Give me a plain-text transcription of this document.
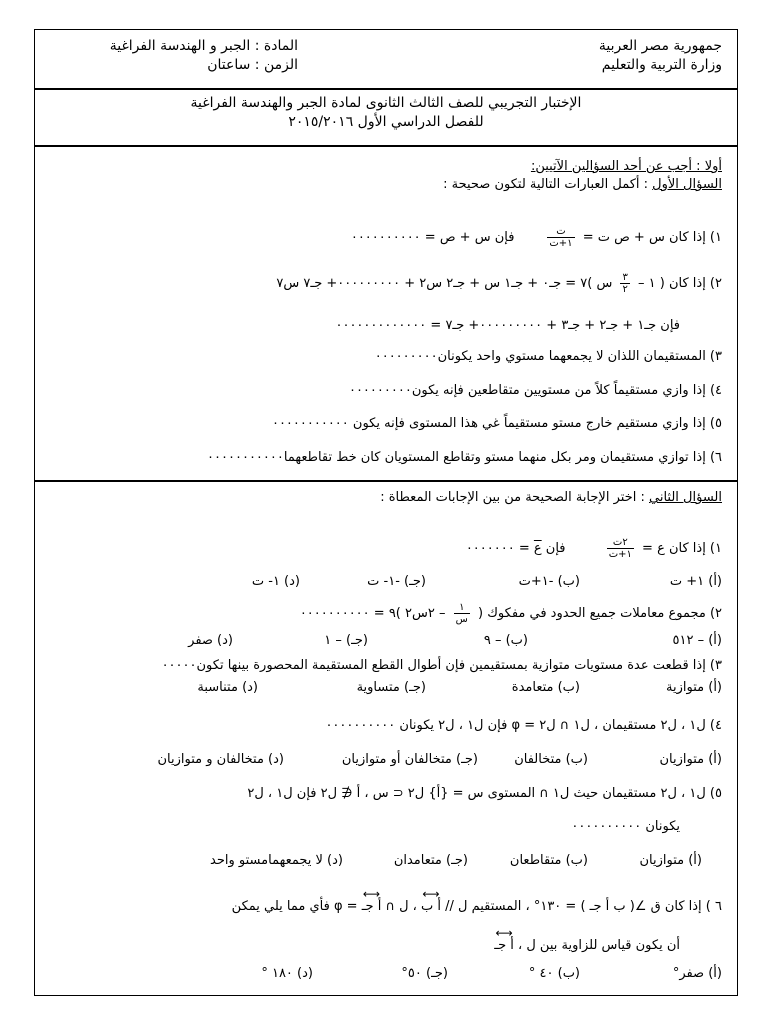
جمهورية مصر العربية
وزارة التربية والتعليم
المادة : الجبر و الهندسة الفراغية
الزمن : ساعتان
الإختبار التجريبي للصف الثالث الثانوى لمادة الجبر والهندسة الفراغية
للفصل الدراسي الأول ٢٠١٥/٢٠١٦
أولا : أجب عن أحد السؤالين الآتيين:
السؤال الأول : أكمل العبارات التالية لتكون صحيحة :
١) إذا كان س + ص ت =
$\frac{\text{ت}}{\text{١+ت}}$
فإن س + ص = ٠٠٠٠٠٠٠٠٠٠
٢) إذا كان ( ١ –
$\frac{٣}{٢}$
س )٧ = جـ٠ + جـ١ س + جـ٢ س٢ + ٠٠٠٠٠٠٠٠٠+ جـ٧ س٧
فإن جـ١ + جـ٢ + جـ٣ + ٠٠٠٠٠٠٠٠٠+ جـ٧ = ٠٠٠٠٠٠٠٠٠٠٠٠٠
٣) المستقيمان اللذان لا يجمعهما مستوي واحد يكونان٠٠٠٠٠٠٠٠٠
٤) إذا وازي مستقيماً كلاً من مستويين متقاطعين فإنه يكون٠٠٠٠٠٠٠٠٠
٥) إذا وازي مستقيم خارج مستو مستقيماً غي هذا المستوى فإنه يكون ٠٠٠٠٠٠٠٠٠٠٠
٦) إذا توازي مستقيمان ومر بكل منهما مستو وتقاطع المستويان كان خط تقاطعهما٠٠٠٠٠٠٠٠٠٠٠
السؤال الثاني : اختر الإجابة الصحيحة من بين الإجابات المعطاة :
١) إذا كان ع =
$\frac{\text{٢ت}}{\text{١+ت}}$
فإن ع = ٠٠٠٠٠٠٠
(أ) ١+ ت
(ب) -١+ت
(جـ) -١- ت
(د) ١- ت
٢) مجموع معاملات جميع الحدود في مفكوك (
$\frac{١}{\text{س}}$
– ٢س٢ )٩ = ٠٠٠٠٠٠٠٠٠٠
(أ) – ٥١٢
(ب) – ٩
(جـ) – ١
(د) صفر
٣) إذا قطعت عدة مستويات متوازية بمستقيمين فإن أطوال القطع المستقيمة المحصورة بينها تكون٠٠٠٠٠
(أ) متوازية
(ب) متعامدة
(جـ) متساوية
(د) متناسبة
٤) ل١ ، ل٢ مستقيمان ، ل١ ∩ ل٢ = φ فإن ل١ ، ل٢ يكونان ٠٠٠٠٠٠٠٠٠٠
(أ) متوازيان
(ب) متخالفان
(جـ) متخالفان أو متوازيان
(د) متخالفان و متوازيان
٥) ل١ ، ل٢ مستقيمان حيث ل١ ∩ المستوى س = {أ} ل٢ ⊂ س ، أ ∉ ل٢ فإن ل١ ، ل٢
يكونان ٠٠٠٠٠٠٠٠٠٠
(أ) متوازيان
(ب) متقاطعان
(جـ) متعامدان
(د) لا يجمعهمامستو واحد
٦ ) إذا كان ق ∠( ب أ جـ ) = ١٣٠° ، المستقيم ل // ⟷ أ ب ، ل ∩ ⟷ أ جـ = φ فأي مما يلي يمكن
أن يكون قياس للزاوية بين ل ، ⟷ أ جـ
(أ) صفر°
(ب) ٤٠ °
(جـ) ٥٠°
(د) ١٨٠ °
